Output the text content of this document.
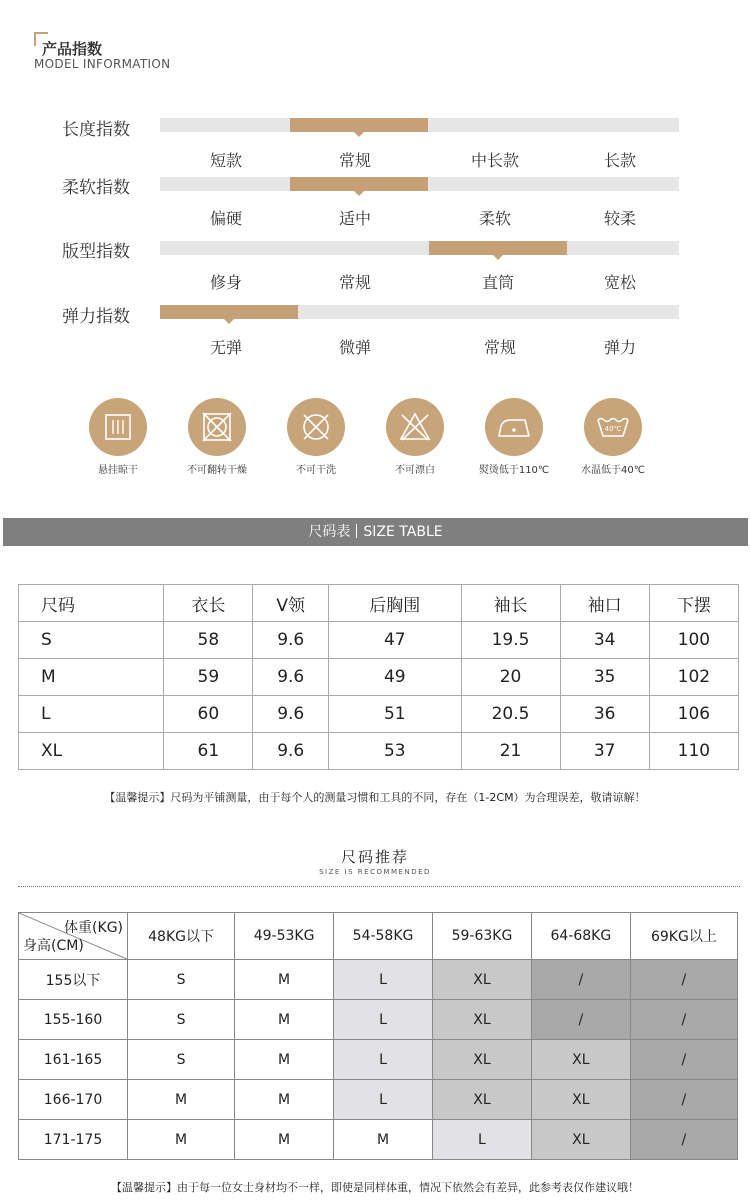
产品指数
MODEL INFORMATION
长度指数
短款	常规	中长款	长款
柔软指数
偏硬	适中	柔软	较柔
版型指数
修身	常规	直筒	宽松
弹力指数
无弹	微弹	常规	弹力
40℃
悬挂晾干	不可翻转干燥	不可干洗	不可漂白	熨烫低于110℃	水温低于40℃
尺码表 SIZE TABLE
尺码	衣长	V领	后胸围	袖长	袖口	下摆
S	58	9.6	47	19.5	34	100
M	59	9.6	49	20	35	102
L	60	9.6	51	20.5	36	106
XL	61	9.6	53	21	37	110
【温馨提示】尺码为平铺测量，由于每个人的测量习惯和工具的不同，存在（1-2CM）为合理误差，敬请谅解！
尺码推荐
SIZE IS RECOMMENDED
体重(KG)
身高(CM)	48KG以下	49-53KG	54-58KG	59-63KG	64-68KG	69KG以上
155以下	S	M	L	XL	/	/
155-160	S	M	L	XL	/	/
161-165	S	M	L	XL	XL	/
166-170	M	M	L	XL	XL	/
171-175	M	M	M	L	XL	/
【温馨提示】由于每一位女士身材均不一样，即使是同样体重，情况下依然会有差异，此参考表仅作建议哦！
